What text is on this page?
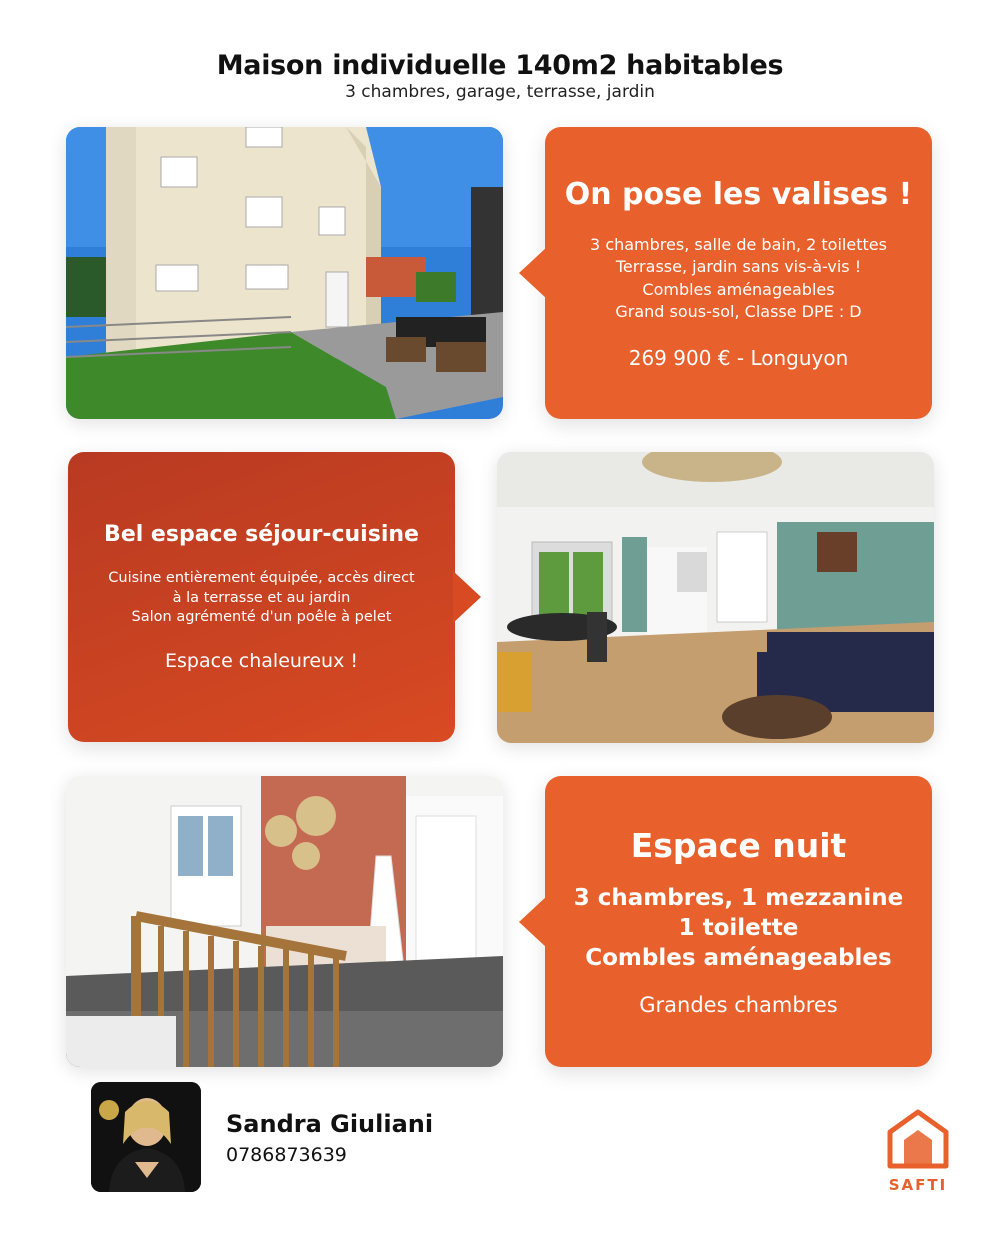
Maison individuelle 140m2 habitables
3 chambres, garage, terrasse, jardin
On pose les valises !

3 chambres, salle de bain, 2 toilettes

Terrasse, jardin sans vis-à-vis !

Combles aménageables

Grand sous-sol, Classe DPE : D

269 900 € - Longuyon

Bel espace séjour-cuisine

Cuisine entièrement équipée, accès direct

à la terrasse et au jardin

Salon agrémenté d'un poêle à pelet

Espace chaleureux !

Espace nuit

3 chambres, 1 mezzanine

1 toilette

Combles aménageables

Grandes chambres

Sandra Giuliani
0786873639
SAFTI
